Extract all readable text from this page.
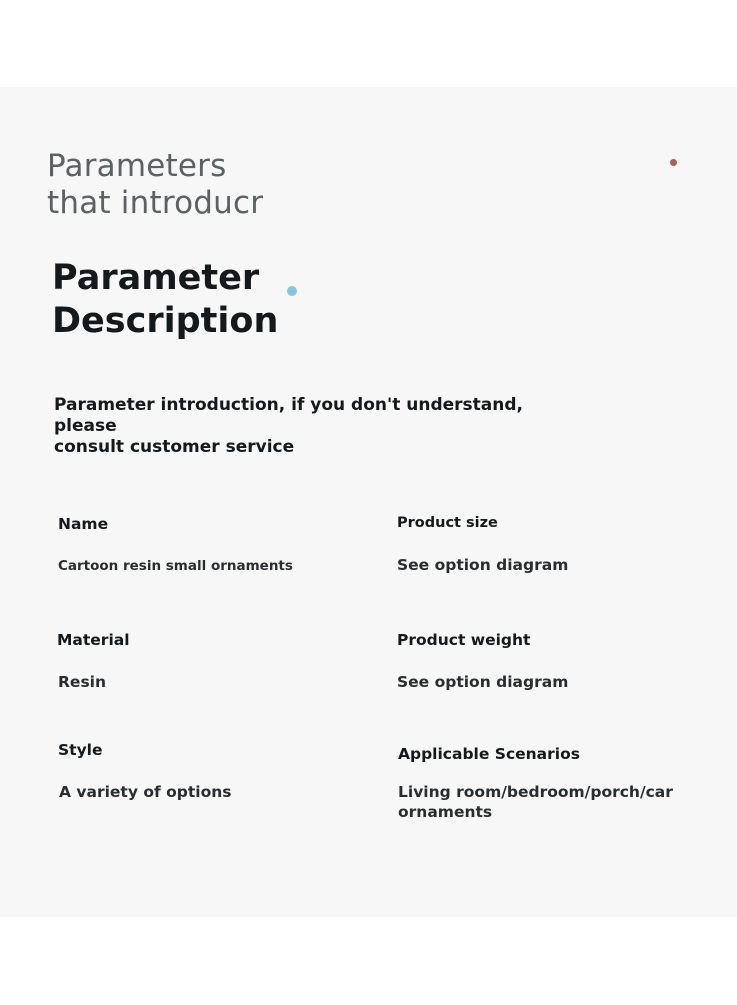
Parameters
that introducr
Parameter
Description
Parameter introduction, if you don't understand, please
consult customer service
Name	Product size
Cartoon resin small ornaments	See option diagram
Material	Product weight
Resin	See option diagram
Style	Applicable Scenarios
A variety of options	Living room/bedroom/porch/car
ornaments
